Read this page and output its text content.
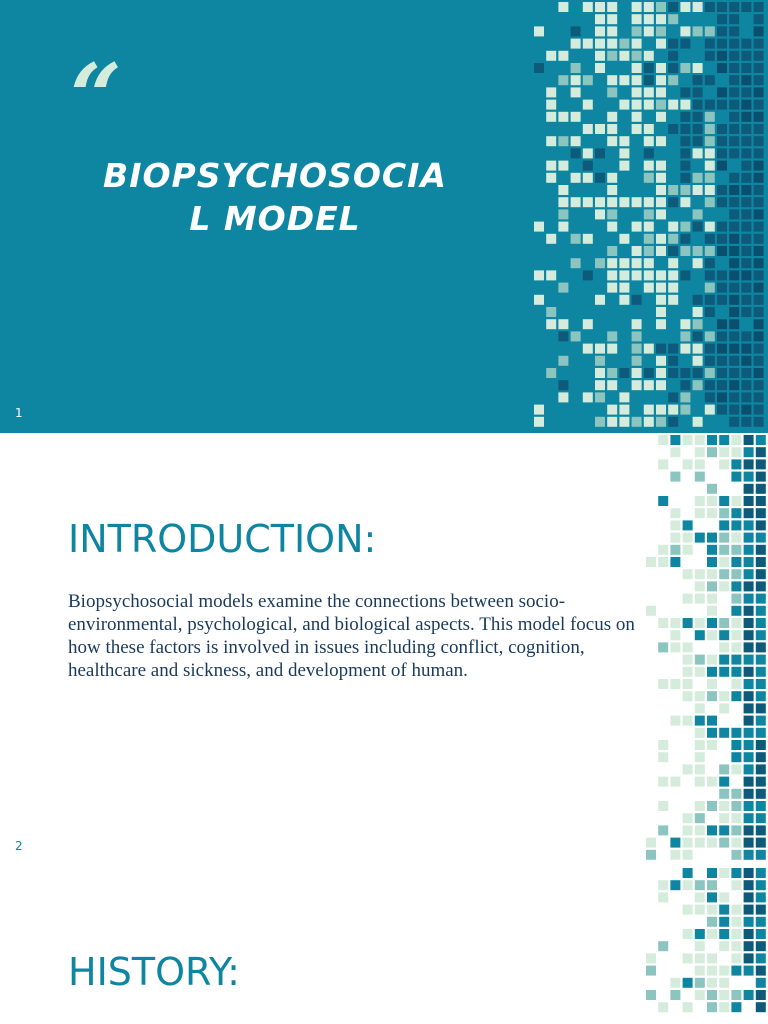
“
BIOPSYCHOSOCIAL MODEL
1
INTRODUCTION:
Biopsychosocial models examine the connections between socio-environmental, psychological, and biological aspects. This model focus on how these factors is involved in issues including conflict, cognition, healthcare and sickness, and development of human.
2
HISTORY:
